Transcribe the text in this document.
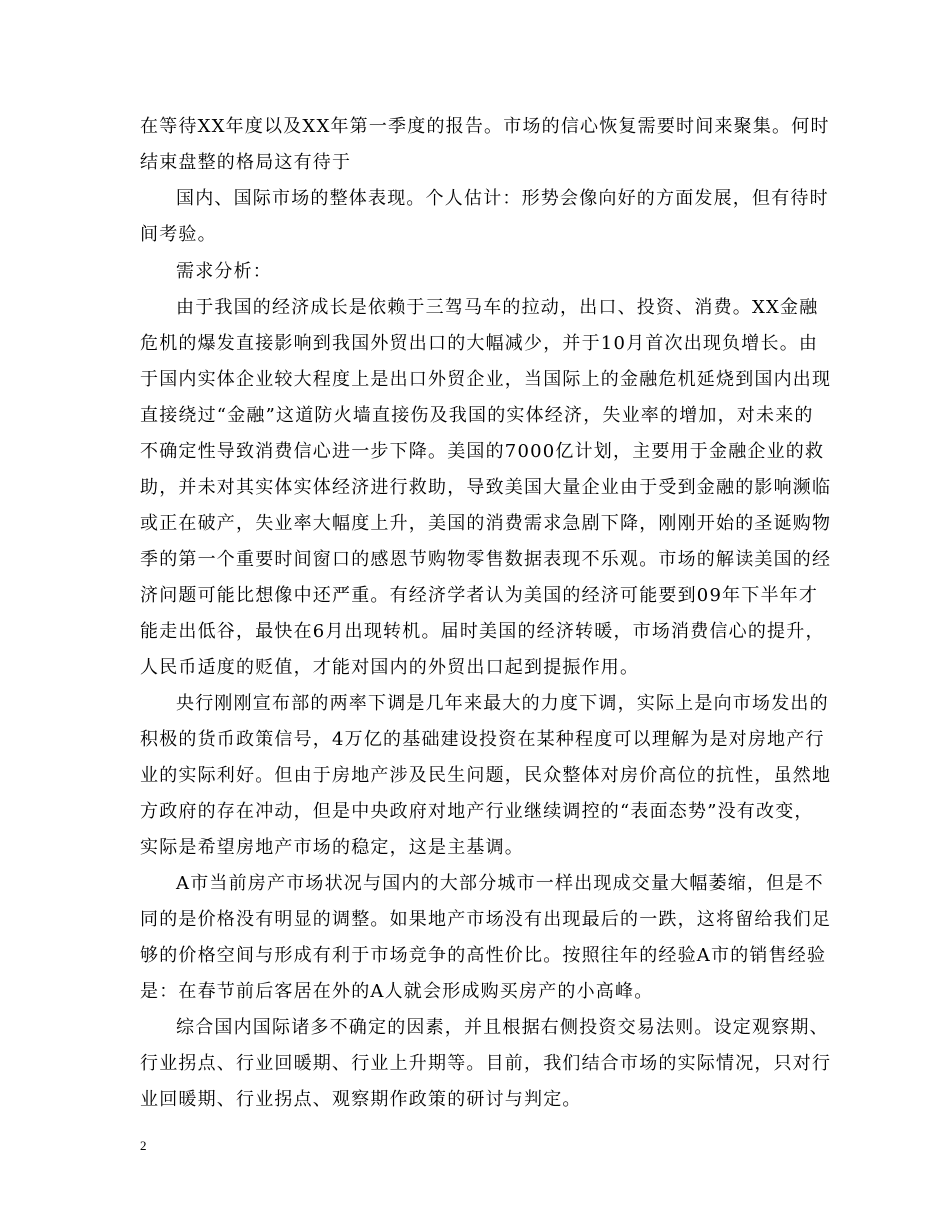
在等待XX年度以及XX年第一季度的报告。市场的信心恢复需要时间来聚集。何时
结束盘整的格局这有待于
国内、国际市场的整体表现。个人估计：形势会像向好的方面发展，但有待时
间考验。
需求分析：
由于我国的经济成长是依赖于三驾马车的拉动，出口、投资、消费。XX金融
危机的爆发直接影响到我国外贸出口的大幅减少，并于10月首次出现负增长。由
于国内实体企业较大程度上是出口外贸企业，当国际上的金融危机延烧到国内出现
直接绕过“金融”这道防火墙直接伤及我国的实体经济，失业率的增加，对未来的
不确定性导致消费信心进一步下降。美国的7000亿计划，主要用于金融企业的救
助，并未对其实体实体经济进行救助，导致美国大量企业由于受到金融的影响濒临
或正在破产，失业率大幅度上升，美国的消费需求急剧下降，刚刚开始的圣诞购物
季的第一个重要时间窗口的感恩节购物零售数据表现不乐观。市场的解读美国的经
济问题可能比想像中还严重。有经济学者认为美国的经济可能要到09年下半年才
能走出低谷，最快在6月出现转机。届时美国的经济转暖，市场消费信心的提升，
人民币适度的贬值，才能对国内的外贸出口起到提振作用。
央行刚刚宣布部的两率下调是几年来最大的力度下调，实际上是向市场发出的
积极的货币政策信号，4万亿的基础建设投资在某种程度可以理解为是对房地产行
业的实际利好。但由于房地产涉及民生问题，民众整体对房价高位的抗性，虽然地
方政府的存在冲动，但是中央政府对地产行业继续调控的“表面态势”没有改变，
实际是希望房地产市场的稳定，这是主基调。
A市当前房产市场状况与国内的大部分城市一样出现成交量大幅萎缩，但是不
同的是价格没有明显的调整。如果地产市场没有出现最后的一跌，这将留给我们足
够的价格空间与形成有利于市场竞争的高性价比。按照往年的经验A市的销售经验
是：在春节前后客居在外的A人就会形成购买房产的小高峰。
综合国内国际诸多不确定的因素，并且根据右侧投资交易法则。设定观察期、
行业拐点、行业回暖期、行业上升期等。目前，我们结合市场的实际情况，只对行
业回暖期、行业拐点、观察期作政策的研讨与判定。
2
